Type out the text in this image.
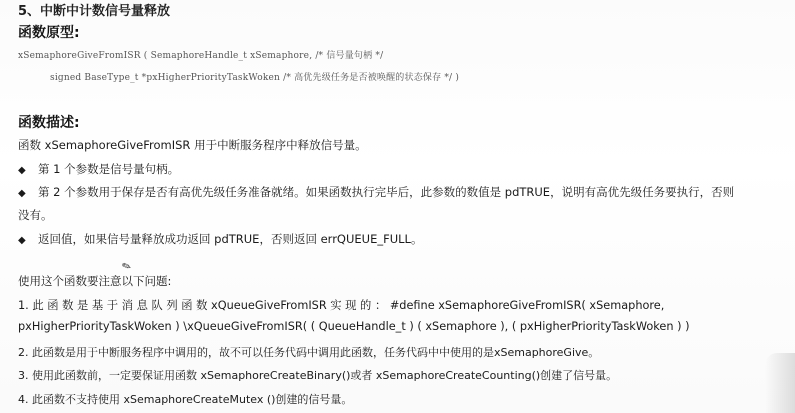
5、中断中计数信号量释放
函数原型:
xSemaphoreGiveFromISR ( SemaphoreHandle_t xSemaphore, /* 信号量句柄 */
signed BaseType_t *pxHigherPriorityTaskWoken /* 高优先级任务是否被唤醒的状态保存 */ )
函数描述:
函数 xSemaphoreGiveFromISR 用于中断服务程序中释放信号量。
◆ 第 1 个参数是信号量句柄。
◆ 第 2 个参数用于保存是否有高优先级任务准备就绪。如果函数执行完毕后，此参数的数值是 pdTRUE，说明有高优先级任务要执行，否则
没有。
◆ 返回值，如果信号量释放成功返回 pdTRUE，否则返回 errQUEUE_FULL。
✎
使用这个函数要注意以下问题:
1. 此 函 数 是 基 于 消 息 队 列 函 数 xQueueGiveFromISR 实 现 的 ： #define xSemaphoreGiveFromISR( xSemaphore,
pxHigherPriorityTaskWoken ) \xQueueGiveFromISR( ( QueueHandle_t ) ( xSemaphore ), ( pxHigherPriorityTaskWoken ) )
2. 此函数是用于中断服务程序中调用的，故不可以任务代码中调用此函数，任务代码中中使用的是xSemaphoreGive。
3. 使用此函数前，一定要保证用函数 xSemaphoreCreateBinary()或者 xSemaphoreCreateCounting()创建了信号量。
4. 此函数不支持使用 xSemaphoreCreateMutex ()创建的信号量。
